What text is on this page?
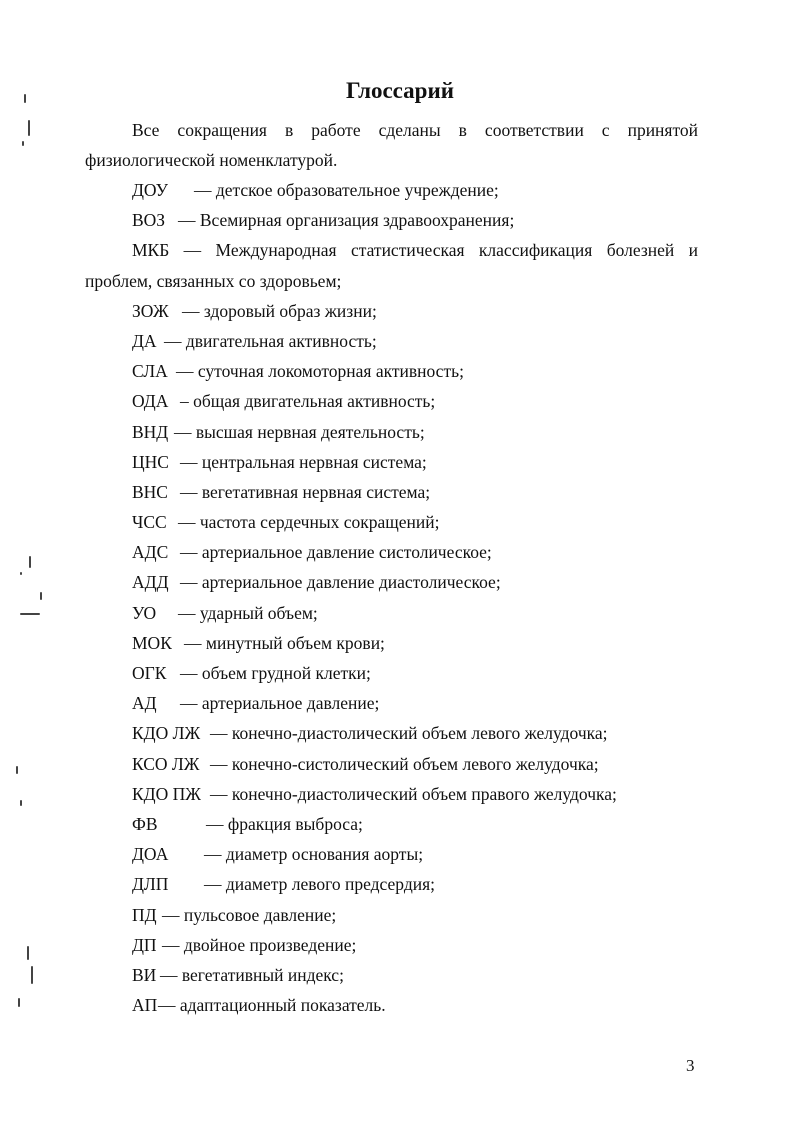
Глоссарий

Все сокращения в работе сделаны в соответствии с принятой физиологической номенклатурой.

ДОУ — детское образовательное учреждение;
ВОЗ — Всемирная организация здравоохранения;
МКБ — Международная статистическая классификация болезней и
проблем, связанных со здоровьем;
ЗОЖ — здоровый образ жизни;
ДА — двигательная активность;
СЛА — суточная локомоторная активность;
ОДА – общая двигательная активность;
ВНД — высшая нервная деятельность;
ЦНС — центральная нервная система;
ВНС — вегетативная нервная система;
ЧСС — частота сердечных сокращений;
АДС — артериальное давление систолическое;
АДД — артериальное давление диастолическое;
УО — ударный объем;
МОК — минутный объем крови;
ОГК — объем грудной клетки;
АД — артериальное давление;
КДО ЛЖ — конечно-диастолический объем левого желудочка;
КСО ЛЖ — конечно-систолический объем левого желудочка;
КДО ПЖ — конечно-диастолический объем правого желудочка;
ФВ	— фракция выброса;
ДОА — диаметр основания аорты;
ДЛП — диаметр левого предсердия;
ПД — пульсовое давление;
ДП — двойное произведение;
ВИ — вегетативный индекс;
АП — адаптационный показатель.
3
